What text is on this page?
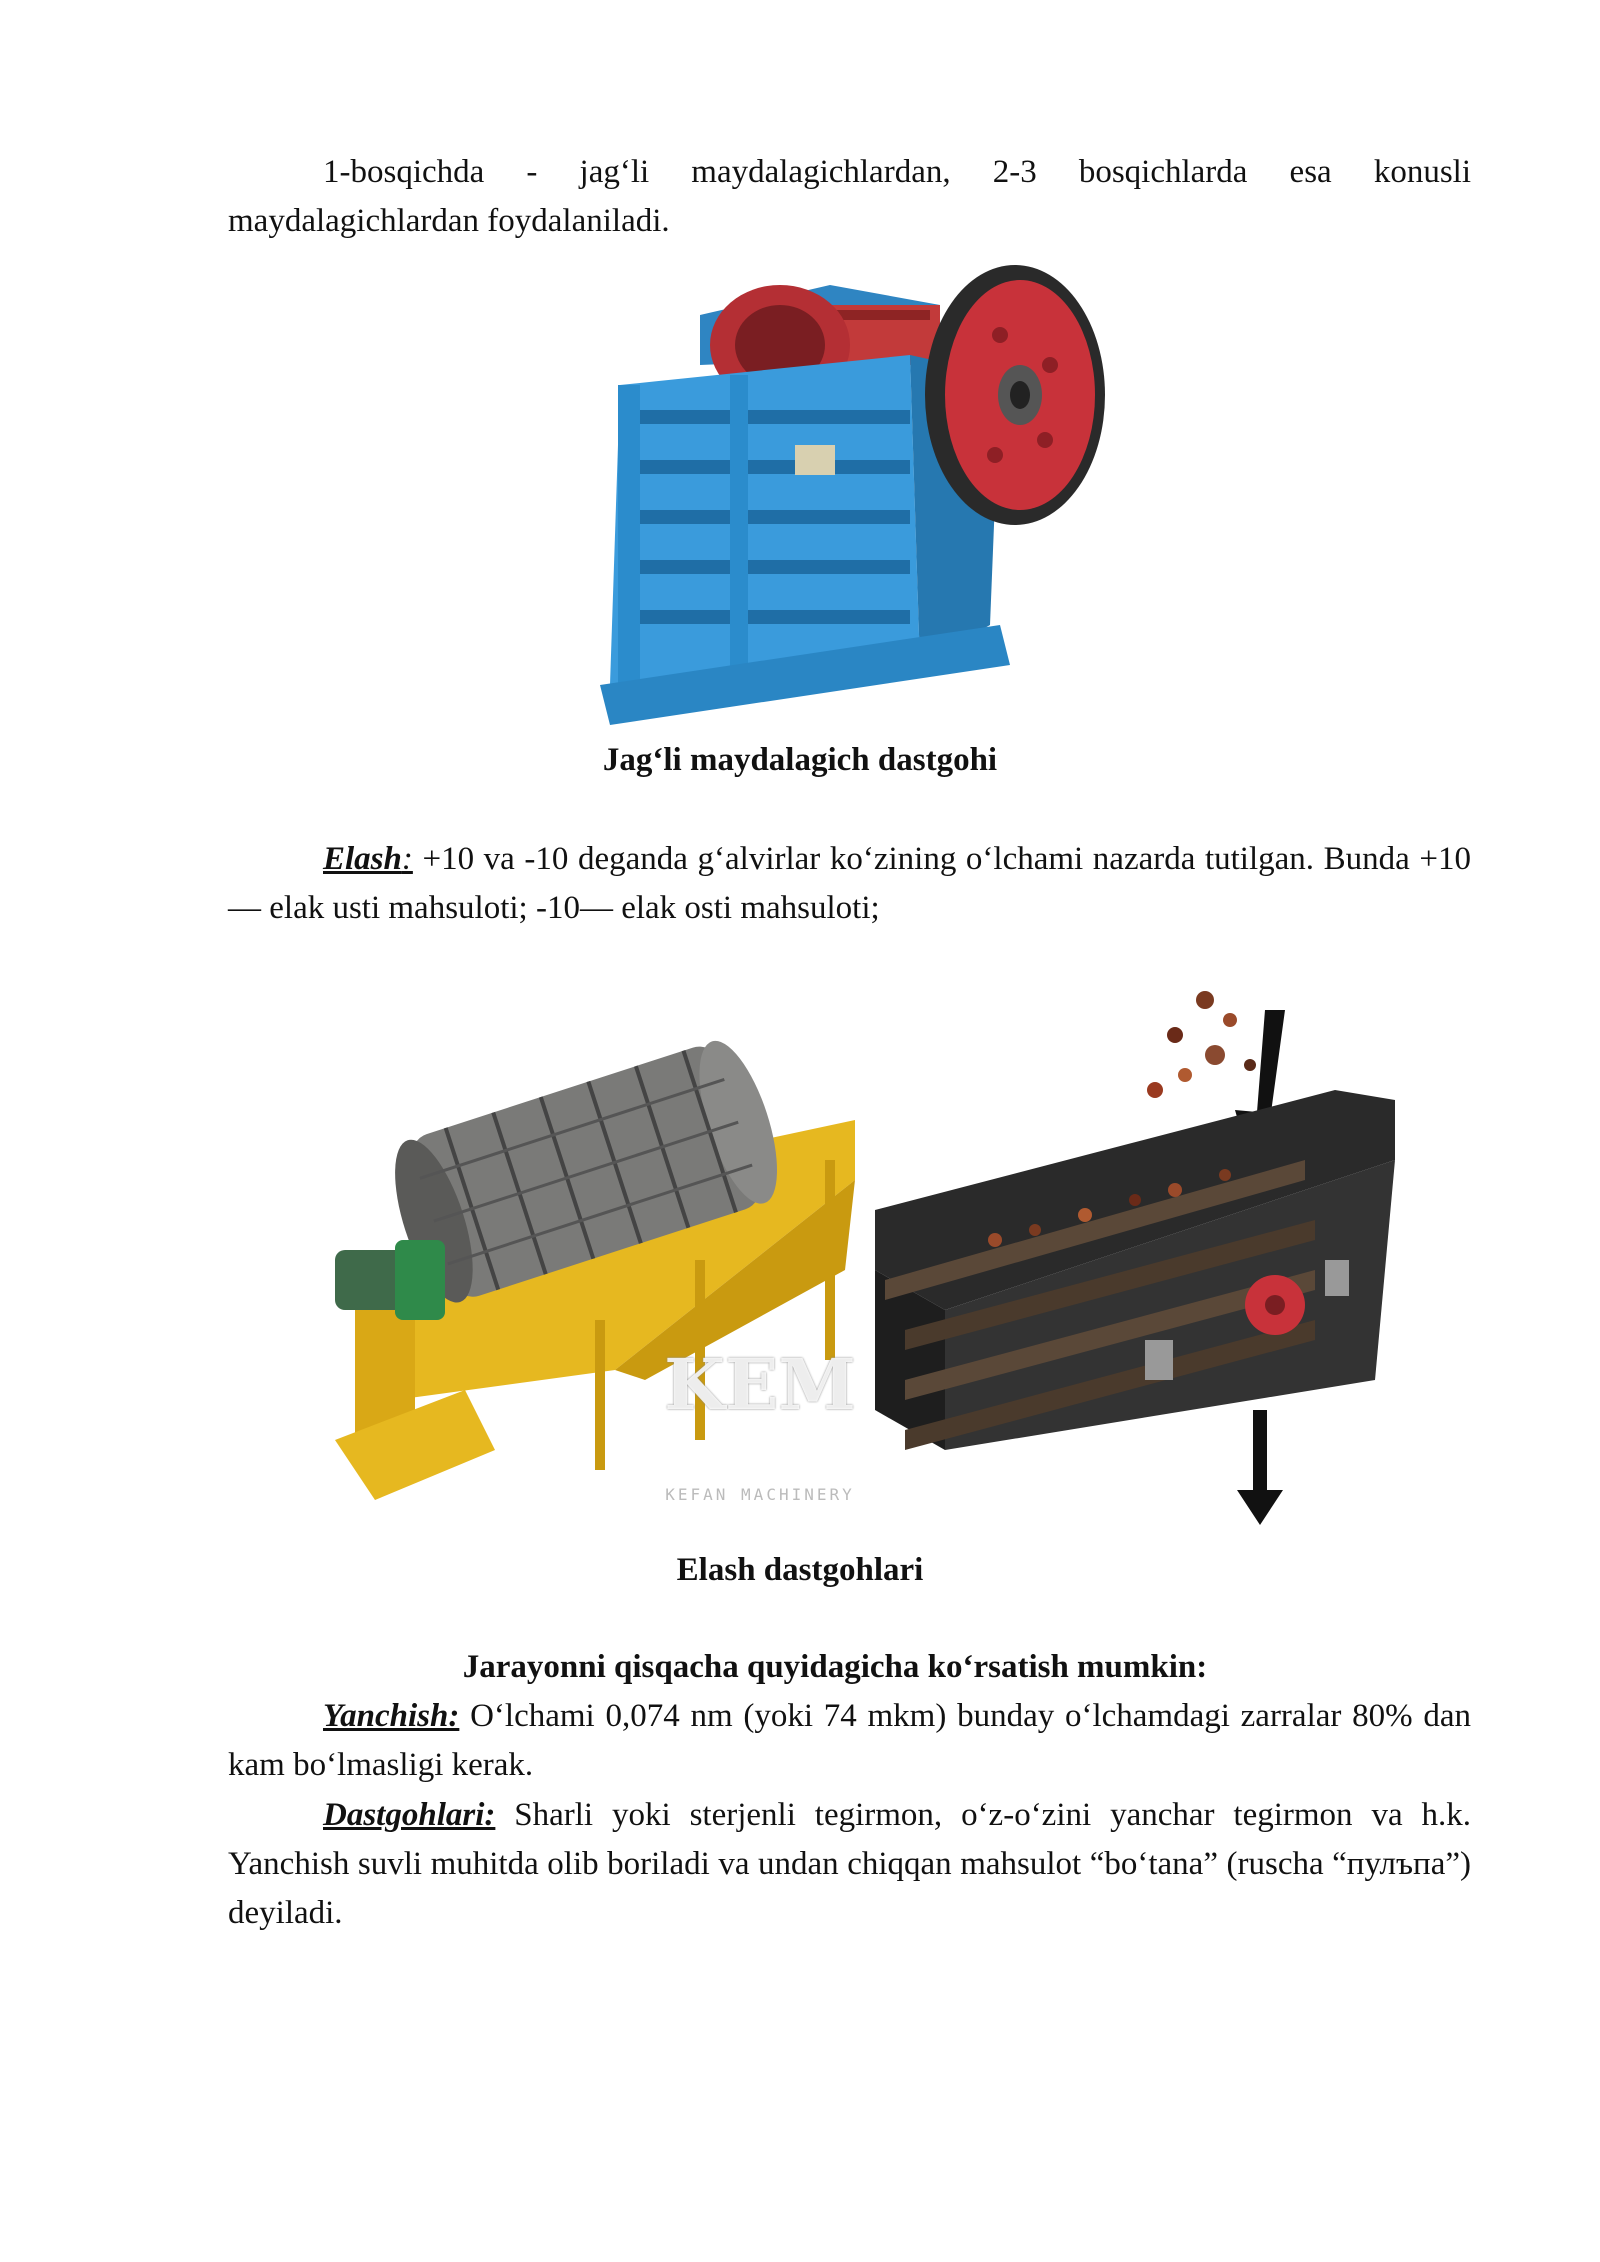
1-bosqichda - jag‘li maydalagichlardan, 2-3 bosqichlarda esa konusli maydalagichlardan foydalaniladi.

Jag‘li maydalagich dastgohi

Elash: +10 va -10 deganda g‘alvirlar ko‘zining o‘lchami nazarda tutilgan. Bunda +10— elak usti mahsuloti; -10— elak osti mahsuloti;

KEM
KEFAN MACHINERY
Elash dastgohlari
Jarayonni qisqacha quyidagicha ko‘rsatish mumkin:

Yanchish: O‘lchami 0,074 nm (yoki 74 mkm) bunday o‘lchamdagi zarralar 80% dan kam bo‘lmasligi kerak.

Dastgohlari: Sharli yoki sterjenli tegirmon, o‘z-o‘zini yanchar tegirmon va h.k. Yanchish suvli muhitda olib boriladi va undan chiqqan mahsulot “bo‘tana” (ruscha “пулъпа”) deyiladi.
